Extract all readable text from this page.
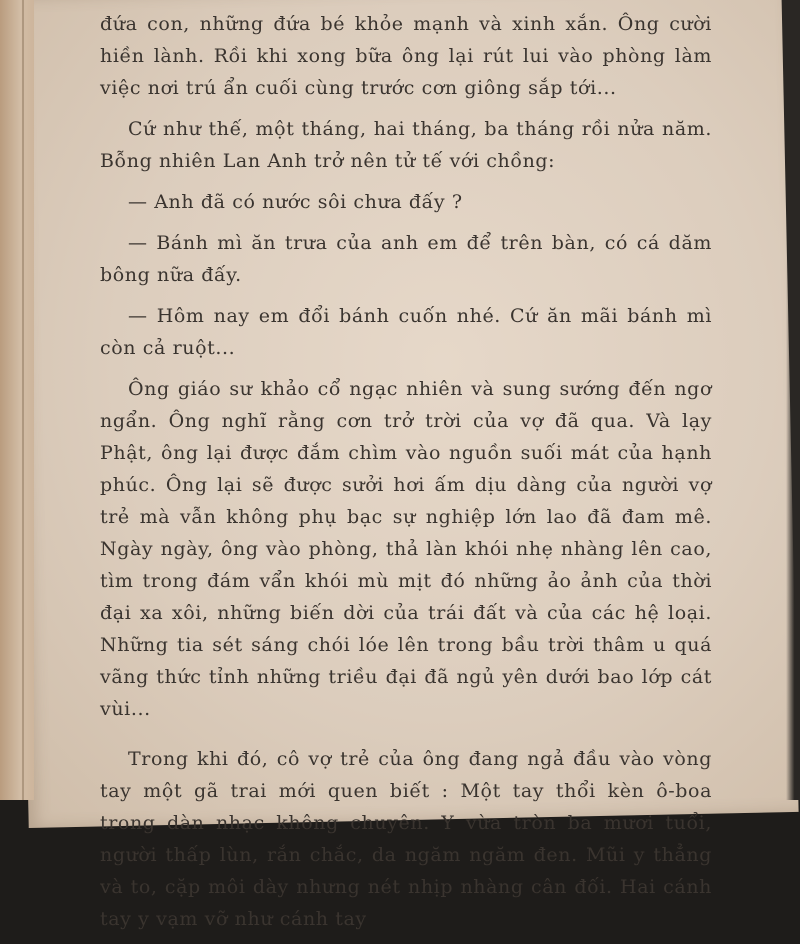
đứa con, những đứa bé khỏe mạnh và xinh xắn. Ông cười hiền lành. Rồi khi xong bữa ông lại rút lui vào phòng làm việc nơi trú ẩn cuối cùng trước cơn giông sắp tới...

Cứ như thế, một tháng, hai tháng, ba tháng rồi nửa năm. Bỗng nhiên Lan Anh trở nên tử tế với chồng:

— Anh đã có nước sôi chưa đấy ?

— Bánh mì ăn trưa của anh em để trên bàn, có cá dăm bông nữa đấy.

— Hôm nay em đổi bánh cuốn nhé. Cứ ăn mãi bánh mì còn cả ruột...

Ông giáo sư khảo cổ ngạc nhiên và sung sướng đến ngơ ngẩn. Ông nghĩ rằng cơn trở trời của vợ đã qua. Và lạy Phật, ông lại được đắm chìm vào nguồn suối mát của hạnh phúc. Ông lại sẽ được sưởi hơi ấm dịu dàng của người vợ trẻ mà vẫn không phụ bạc sự nghiệp lớn lao đã đam mê. Ngày ngày, ông vào phòng, thả làn khói nhẹ nhàng lên cao, tìm trong đám vẩn khói mù mịt đó những ảo ảnh của thời đại xa xôi, những biến dời của trái đất và của các hệ loại. Những tia sét sáng chói lóe lên trong bầu trời thâm u quá vãng thức tỉnh những triều đại đã ngủ yên dưới bao lớp cát vùi...

Trong khi đó, cô vợ trẻ của ông đang ngả đầu vào vòng tay một gã trai mới quen biết : Một tay thổi kèn ô-boa trong dàn nhạc không chuyên. Y vừa tròn ba mươi tuổi, người thấp lùn, rắn chắc, da ngăm ngăm đen. Mũi y thẳng và to, cặp môi dày nhưng nét nhịp nhàng cân đối. Hai cánh tay y vạm vỡ như cánh tay
